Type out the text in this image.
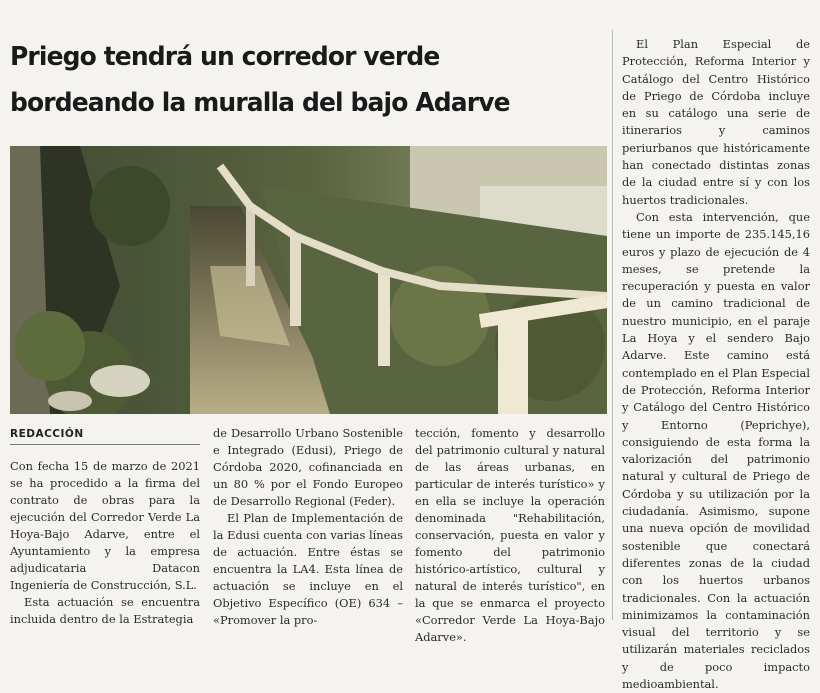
Priego tendrá un corredor verde bordeando la muralla del bajo Adarve
REDACCIÓN

Con fecha 15 de marzo de 2021 se ha procedido a la firma del contrato de obras para la ejecución del Corredor Verde La Hoya-Bajo Adarve, entre el Ayuntamiento y la empresa adjudicataria Datacon Ingeniería de Construcción, S.L.

Esta actuación se encuentra incluida dentro de la Estrategia

de Desarrollo Urbano Sostenible e Integrado (Edusi), Priego de Córdoba 2020, cofinanciada en un 80 % por el Fondo Europeo de Desarrollo Regional (Feder).

El Plan de Implementación de la Edusi cuenta con varias líneas de actuación. Entre éstas se encuentra la LA4. Esta línea de actuación se incluye en el Objetivo Específico (OE) 634 – «Promover la pro-

tección, fomento y desarrollo del patrimonio cultural y natural de las áreas urbanas, en particular de interés turístico» y en ella se incluye la operación denominada "Rehabilitación, conservación, puesta en valor y fomento del patrimonio histórico-artístico, cultural y natural de interés turístico", en la que se enmarca el proyecto «Corredor Verde La Hoya-Bajo Adarve».

El Plan Especial de Protección, Reforma Interior y Catálogo del Centro Histórico de Priego de Córdoba incluye en su catálogo una serie de itinerarios y caminos periurbanos que históricamente han conectado distintas zonas de la ciudad entre sí y con los huertos tradicionales.

Con esta intervención, que tiene un importe de 235.145,16 euros y plazo de ejecución de 4 meses, se pretende la recuperación y puesta en valor de un camino tradicional de nuestro municipio, en el paraje La Hoya y el sendero Bajo Adarve. Este camino está contemplado en el Plan Especial de Protección, Reforma Interior y Catálogo del Centro Histórico y Entorno (Peprichye), consiguiendo de esta forma la valorización del patrimonio natural y cultural de Priego de Córdoba y su utilización por la ciudadanía. Asimismo, supone una nueva opción de movilidad sostenible que conectará diferentes zonas de la ciudad con los huertos urbanos tradicionales. Con la actuación minimizamos la contaminación visual del territorio y se utilizarán materiales reciclados y de poco impacto medioambiental.
